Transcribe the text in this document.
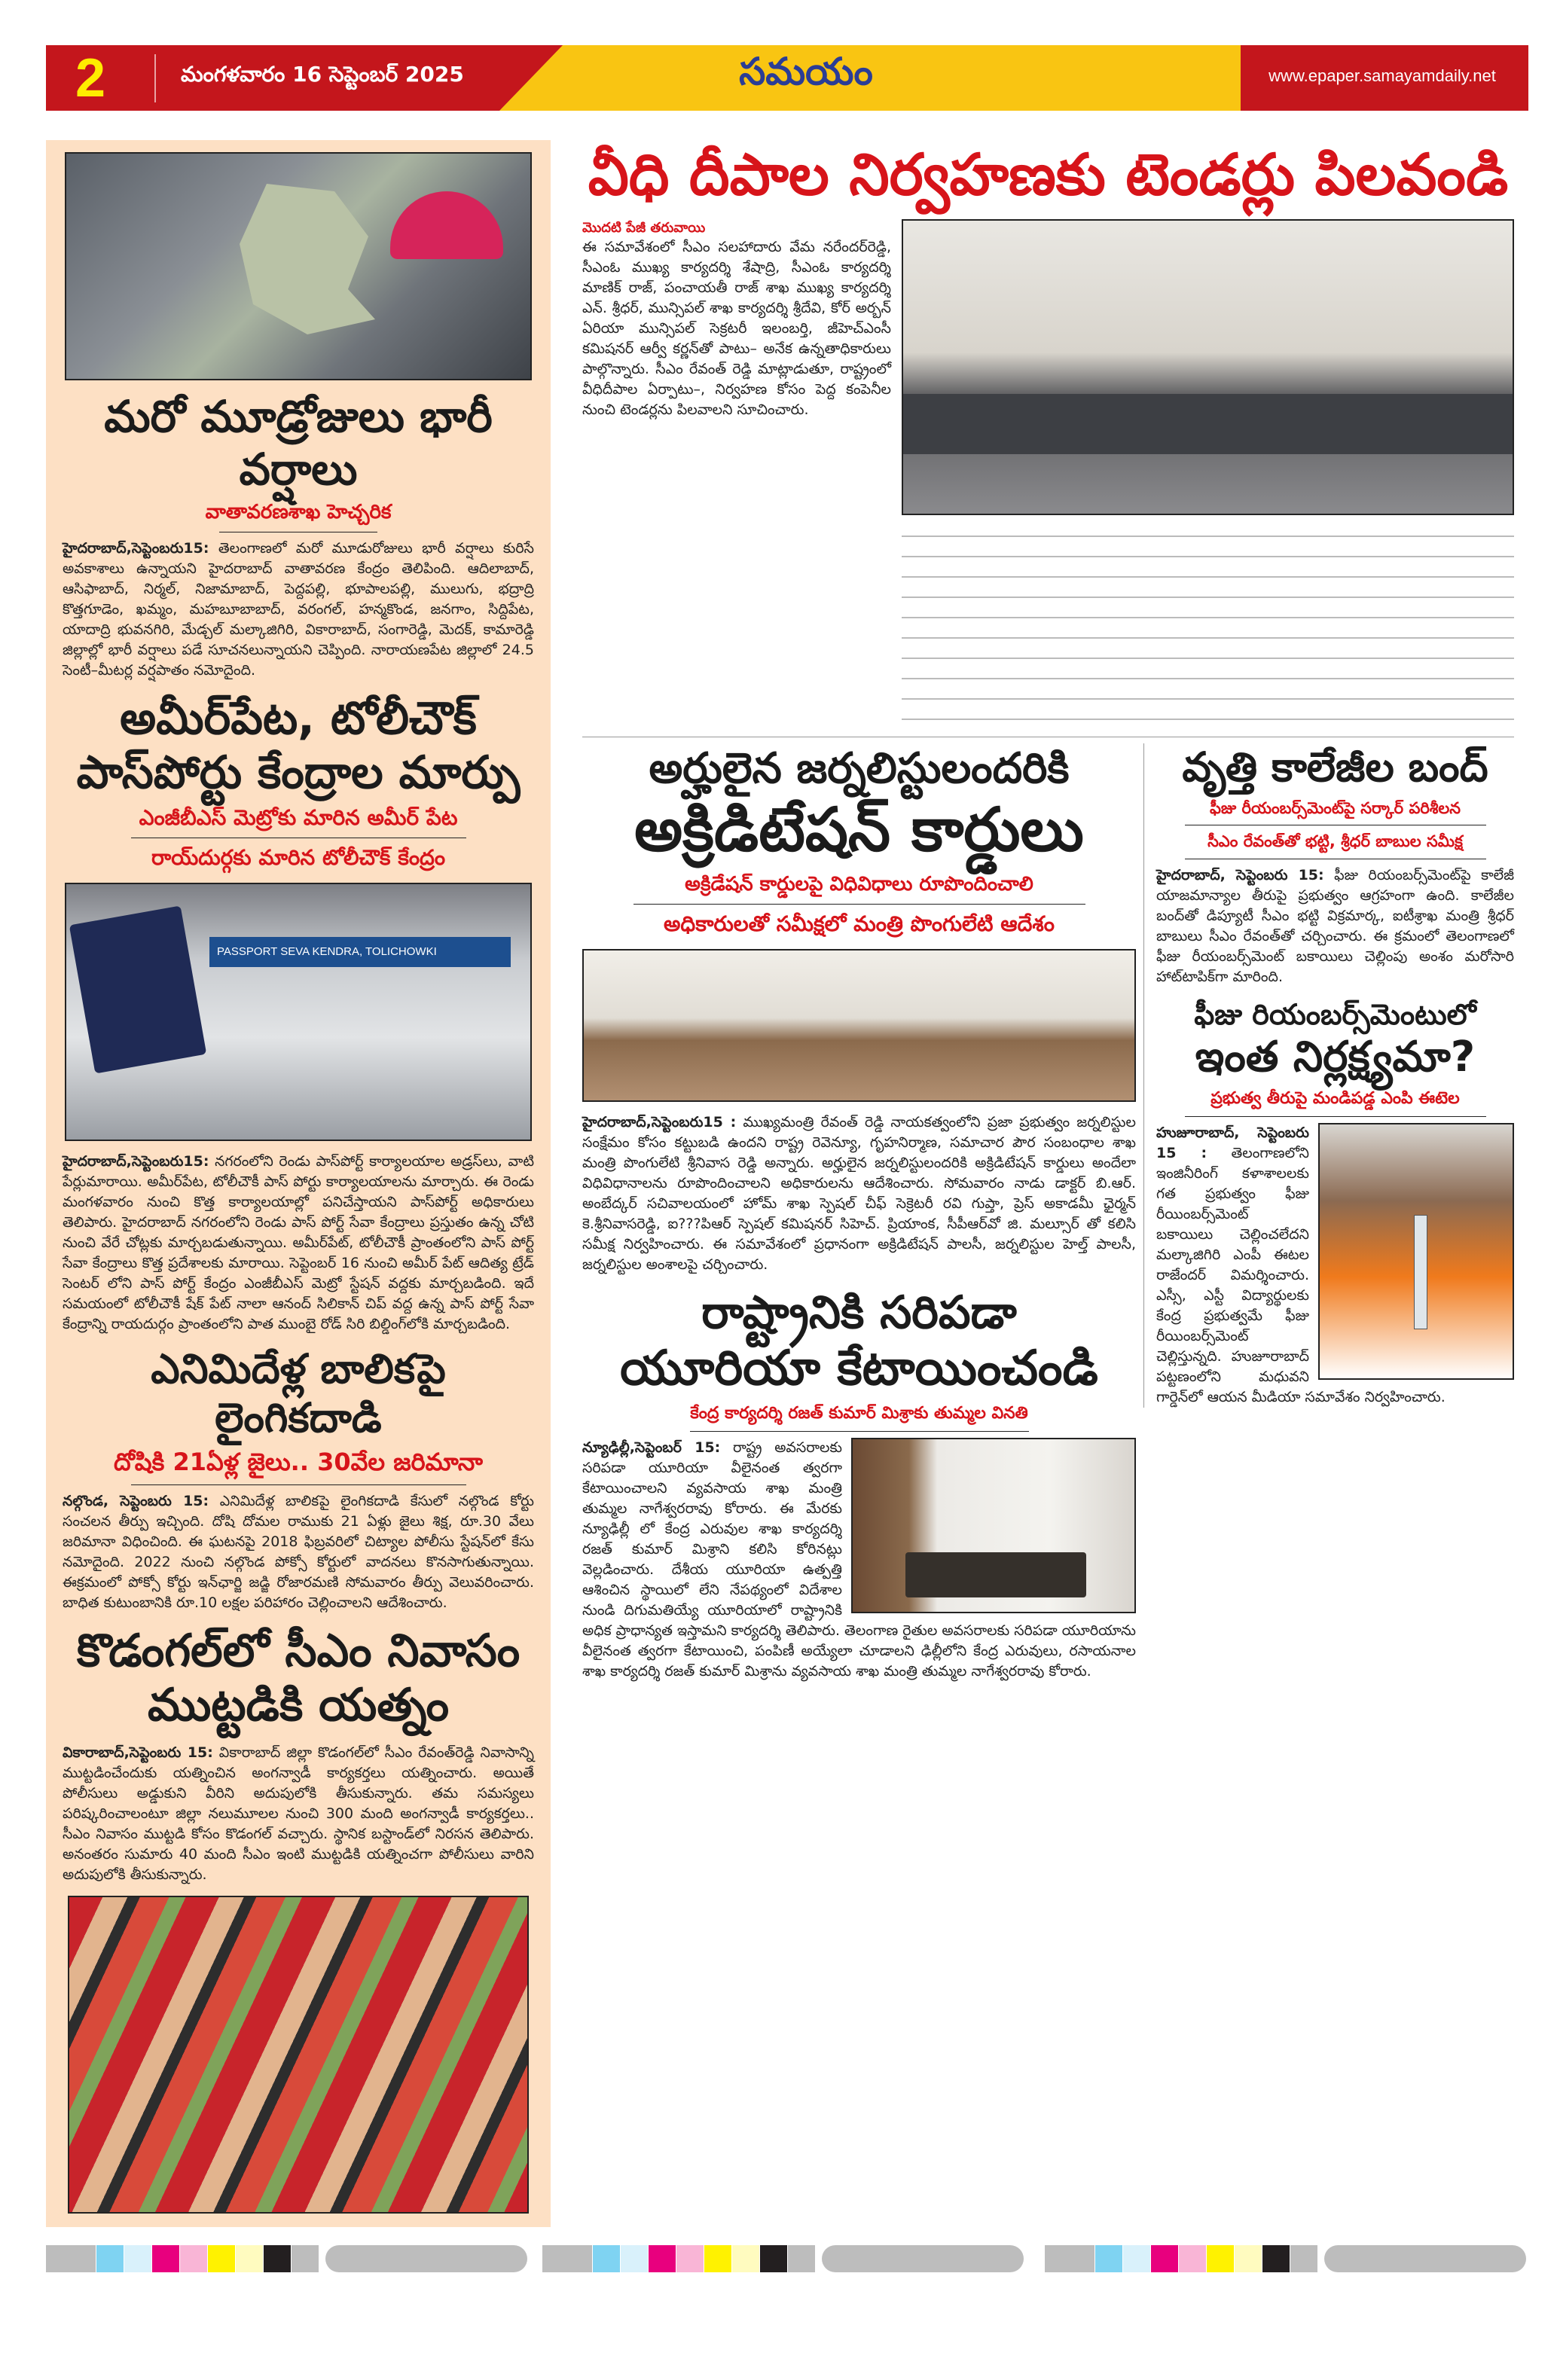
2	మంగళవారం 16 సెప్టెంబర్ 2025	సమయం	www.epaper.samayamdaily.net
మరో మూడ్రోజులు భారీ వర్షాలు
వాతావరణశాఖ హెచ్చరిక
హైదరాబాద్,సెప్టెంబరు15: తెలంగాణలో మరో మూడురోజులు భారీ వర్షాలు కురిసే అవకాశాలు ఉన్నాయని హైదరాబాద్ వాతావరణ కేంద్రం తెలిపింది. ఆదిలాబాద్, ఆసిఫాబాద్, నిర్మల్, నిజామాబాద్, పెద్దపల్లి, భూపాలపల్లి, ములుగు, భద్రాద్రి కొత్తగూడెం, ఖమ్మం, మహబూబాబాద్, వరంగల్, హన్మకొండ, జనగాం, సిద్దిపేట, యాదాద్రి భువనగిరి, మేడ్చల్ మల్కాజిగిరి, వికారాబాద్, సంగారెడ్డి, మెదక్, కామారెడ్డి జిల్లాల్లో భారీ వర్షాలు పడే సూచనలున్నాయని చెప్పింది. నారాయణపేట జిల్లాలో 24.5 సెంటీ–మీటర్ల వర్షపాతం నమోదైంది.
అమీర్‌పేట, టోలీచౌక్ పాస్‌పోర్టు కేంద్రాల మార్పు
ఎంజీబీఎస్ మెట్రోకు మారిన అమీర్ పేట
రాయ్‌దుర్గకు మారిన టోలీచౌక్ కేంద్రం
PASSPORT SEVA KENDRA, TOLICHOWKI
హైదరాబాద్,సెప్టెంబరు15: నగరంలోని రెండు పాస్‌పోర్ట్ కార్యాలయాల అడ్రస్‌లు, వాటి పేర్లుమారాయి. అమీర్‌పేట, టోలీచౌకీ పాస్ పోర్టు కార్యాలయాలను మార్చారు. ఈ రెండు మంగళవారం నుంచి కొత్త కార్యాలయాల్లో పనిచేస్తాయని పాస్‌పోర్ట్ అధికారులు తెలిపారు. హైదరాబాద్ నగరంలోని రెండు పాస్ పోర్ట్ సేవా కేంద్రాలు ప్రస్తుతం ఉన్న చోటి నుంచి వేరే చోట్లకు మార్చబడుతున్నాయి. అమీర్‌పేట్, టోలీచౌకీ ప్రాంతంలోని పాస్ పోర్ట్ సేవా కేంద్రాలు కొత్త ప్రదేశాలకు మారాయి. సెప్టెంబర్ 16 నుంచి అమీర్ పేట్ ఆదిత్య ట్రేడ్ సెంటర్ లోని పాస్ పోర్ట్ కేంద్రం ఎంజీబీఎస్ మెట్రో స్టేషన్ వద్దకు మార్చబడింది. ఇదే సమయంలో టోలీచౌకీ షేక్ పేట్ నాలా ఆనంద్ సిలికాన్ చిప్ వద్ద ఉన్న పాస్ పోర్ట్ సేవా కేంద్రాన్ని రాయదుర్గం ప్రాంతంలోని పాత ముంబై రోడ్ సిరి బిల్డింగ్‌లోకి మార్చబడింది.
ఎనిమిదేళ్ల బాలికపై లైంగికదాడి
దోషికి 21ఏళ్ల జైలు.. 30వేల జరిమానా
నల్గొండ, సెప్టెంబరు 15: ఎనిమిదేళ్ల బాలికపై లైంగికదాడి కేసులో నల్గొండ కోర్టు సంచలన తీర్పు ఇచ్చింది. దోషి దోమల రాముకు 21 ఏళ్లు జైలు శిక్ష, రూ.30 వేలు జరిమానా విధించింది. ఈ ఘటనపై 2018 ఫిబ్రవరిలో చిట్యాల పోలీసు స్టేషన్‌లో కేసు నమోదైంది. 2022 నుంచి నల్గొండ పోక్సో కోర్టులో వాదనలు కొనసాగుతున్నాయి. ఈక్రమంలో పోక్సో కోర్టు ఇన్‌ఛార్జి జడ్జి రోజారమణి సోమవారం తీర్పు వెలువరించారు. బాధిత కుటుంబానికి రూ.10 లక్షల పరిహారం చెల్లించాలని ఆదేశించారు.
కొడంగల్‌లో సీఎం నివాసం ముట్టడికి యత్నం
వికారాబాద్,సెప్టెంబరు 15: వికారాబాద్ జిల్లా కొడంగల్‌లో సీఎం రేవంత్‌రెడ్డి నివాసాన్ని ముట్టడించేందుకు యత్నించిన అంగన్వాడీ కార్యకర్తలు యత్నించారు. అయితే పోలీసులు అడ్డుకుని వీరిని అదుపులోకి తీసుకున్నారు. తమ సమస్యలు పరిష్కరించాలంటూ జిల్లా నలుమూలల నుంచి 300 మంది అంగన్వాడీ కార్యకర్తలు.. సీఎం నివాసం ముట్టడి కోసం కొడంగల్ వచ్చారు. స్థానిక బస్టాండ్‌లో నిరసన తెలిపారు. అనంతరం సుమారు 40 మంది సీఎం ఇంటి ముట్టడికి యత్నించగా పోలీసులు వారిని అదుపులోకి తీసుకున్నారు.
వీధి దీపాల నిర్వహణకు టెండర్లు పిలవండి
మొదటి పేజీ తరువాయి
ఈ సమావేశంలో సీఎం సలహాదారు వేమ నరేందర్‌రెడ్డి, సీఎంఓ ముఖ్య కార్యదర్శి శేషాద్రి, సీఎంఓ కార్యదర్శి మాణిక్ రాజ్, పంచాయతీ రాజ్ శాఖ ముఖ్య కార్యదర్శి ఎన్. శ్రీధర్, మున్సిపల్ శాఖ కార్యదర్శి శ్రీదేవి, కోర్ అర్బన్ ఏరియా మున్సిపల్ సెక్రటరీ ఇలంబర్తి, జీహెచ్ఎంసీ కమిషనర్ ఆర్వీ కర్ణన్‌తో పాటు– అనేక ఉన్నతాధికారులు పాల్గొన్నారు. సీఎం రేవంత్ రెడ్డి మాట్లాడుతూ, రాష్ట్రంలో వీధిదీపాల ఏర్పాటు–, నిర్వహణ కోసం పెద్ద కంపెనీల నుంచి టెండర్లను పిలవాలని సూచించారు.
అర్హులైన జర్నలిస్టులందరికి
అక్రిడిటేషన్ కార్డులు
అక్రిడేషన్ కార్డులపై విధివిధాలు రూపొందించాలి
అధికారులతో సమీక్షలో మంత్రి పొంగులేటి ఆదేశం
హైదరాబాద్,సెప్టెంబరు15 : ముఖ్యమంత్రి రేవంత్ రెడ్డి నాయకత్వంలోని ప్రజా ప్రభుత్వం జర్నలిస్టుల సంక్షేమం కోసం కట్టుబడి ఉందని రాష్ట్ర రెవెన్యూ, గృహనిర్మాణ, సమాచార పౌర సంబంధాల శాఖ మంత్రి పొంగులేటి శ్రీనివాస రెడ్డి అన్నారు. అర్హులైన జర్నలిస్టులందరికి అక్రిడిటేషన్ కార్డులు అందేలా విధివిధానాలను రూపొందించాలని అధికారులను ఆదేశించారు. సోమవారం నాడు డాక్టర్ బి.ఆర్. అంబేద్కర్ సచివాలయంలో హోమ్ శాఖ స్పెషల్ చీఫ్ సెక్రెటరీ రవి గుప్తా, ప్రెస్ అకాడమీ ఛైర్మన్ కె.శ్రీనివాసరెడ్డి, ఐ???పిఆర్ స్పెషల్ కమిషనర్ సిహెచ్. ప్రియాంక, సీపీఆర్‌వో జి. మల్సూర్ తో కలిసి సమీక్ష నిర్వహించారు. ఈ సమావేశంలో ప్రధానంగా అక్రిడిటేషన్ పాలసీ, జర్నలిస్టుల హెల్త్ పాలసీ, జర్నలిస్టుల అంశాలపై చర్చించారు.
రాష్ట్రానికి సరిపడా
యూరియా కేటాయించండి
కేంద్ర కార్యదర్శి రజత్ కుమార్ మిశ్రాకు తుమ్మల వినతి
న్యూఢిల్లీ,సెప్టెంబర్ 15: రాష్ట్ర అవసరాలకు సరిపడా యూరియా వీలైనంత త్వరగా కేటాయించాలని వ్యవసాయ శాఖ మంత్రి తుమ్మల నాగేశ్వరరావు కోరారు. ఈ మేరకు న్యూఢిల్లీ లో కేంద్ర ఎరువుల శాఖ కార్యదర్శి రజత్ కుమార్ మిశ్రాని కలిసి కోరినట్లు వెల్లడించారు. దేశీయ యూరియా ఉత్పత్తి ఆశించిన స్థాయిలో లేని నేపథ్యంలో విదేశాల నుండి దిగుమతియ్యే యూరియాలో రాష్ట్రానికి అధిక ప్రాధాన్యత ఇస్తామని కార్యదర్శి తెలిపారు. తెలంగాణ రైతుల అవసరాలకు సరిపడా యూరియాను వీలైనంత త్వరగా కేటాయించి, పంపిణీ అయ్యేలా చూడాలని ఢిల్లీలోని కేంద్ర ఎరువులు, రసాయనాల శాఖ కార్యదర్శి రజత్ కుమార్ మిశ్రాను వ్యవసాయ శాఖ మంత్రి తుమ్మల నాగేశ్వరరావు కోరారు.
వృత్తి కాలేజీల బంద్
ఫీజు రీయంబర్స్‌మెంట్‌పై సర్కార్ పరిశీలన
సీఎం రేవంత్‌తో భట్టి, శ్రీధర్ బాబుల సమీక్ష
హైదరాబాద్, సెప్టెంబరు 15: ఫీజు రియంబర్స్‌మెంట్‌పై కాలేజీ యాజమాన్యాల తీరుపై ప్రభుత్వం ఆగ్రహంగా ఉంది. కాలేజీల బంద్‌తో డిప్యూటీ సీఎం భట్టి విక్రమార్క, ఐటీశ్రాఖ మంత్రి శ్రీధర్ బాబులు సీఎం రేవంత్‌తో చర్చించారు. ఈ క్రమంలో తెలంగాణలో ఫీజు రీయంబర్స్‌మెంట్ బకాయిలు చెల్లింపు అంశం మరోసారి హాట్‌టాపిక్‌గా మారింది.
ఫీజు రియంబర్స్‌మెంటులో
ఇంత నిర్లక్ష్యమా?
ప్రభుత్వ తీరుపై మండిపడ్డ ఎంపి ఈటెల
హుజూరాబాద్, సెప్టెంబరు 15 : తెలంగాణలోని ఇంజినీరింగ్ కళాశాలలకు గత ప్రభుత్వం ఫీజు రీయింబర్స్‌మెంట్ బకాయిలు చెల్లించలేదని మల్కాజిగిరి ఎంపీ ఈటల రాజేందర్ విమర్శించారు. ఎస్సీ, ఎస్టీ విద్యార్థులకు కేంద్ర ప్రభుత్వమే ఫీజు రీయింబర్స్‌మెంట్ చెల్లిస్తున్నది. హుజూరాబాద్ పట్టణంలోని మధువని గార్డెన్‌లో ఆయన మీడియా సమావేశం నిర్వహించారు.
